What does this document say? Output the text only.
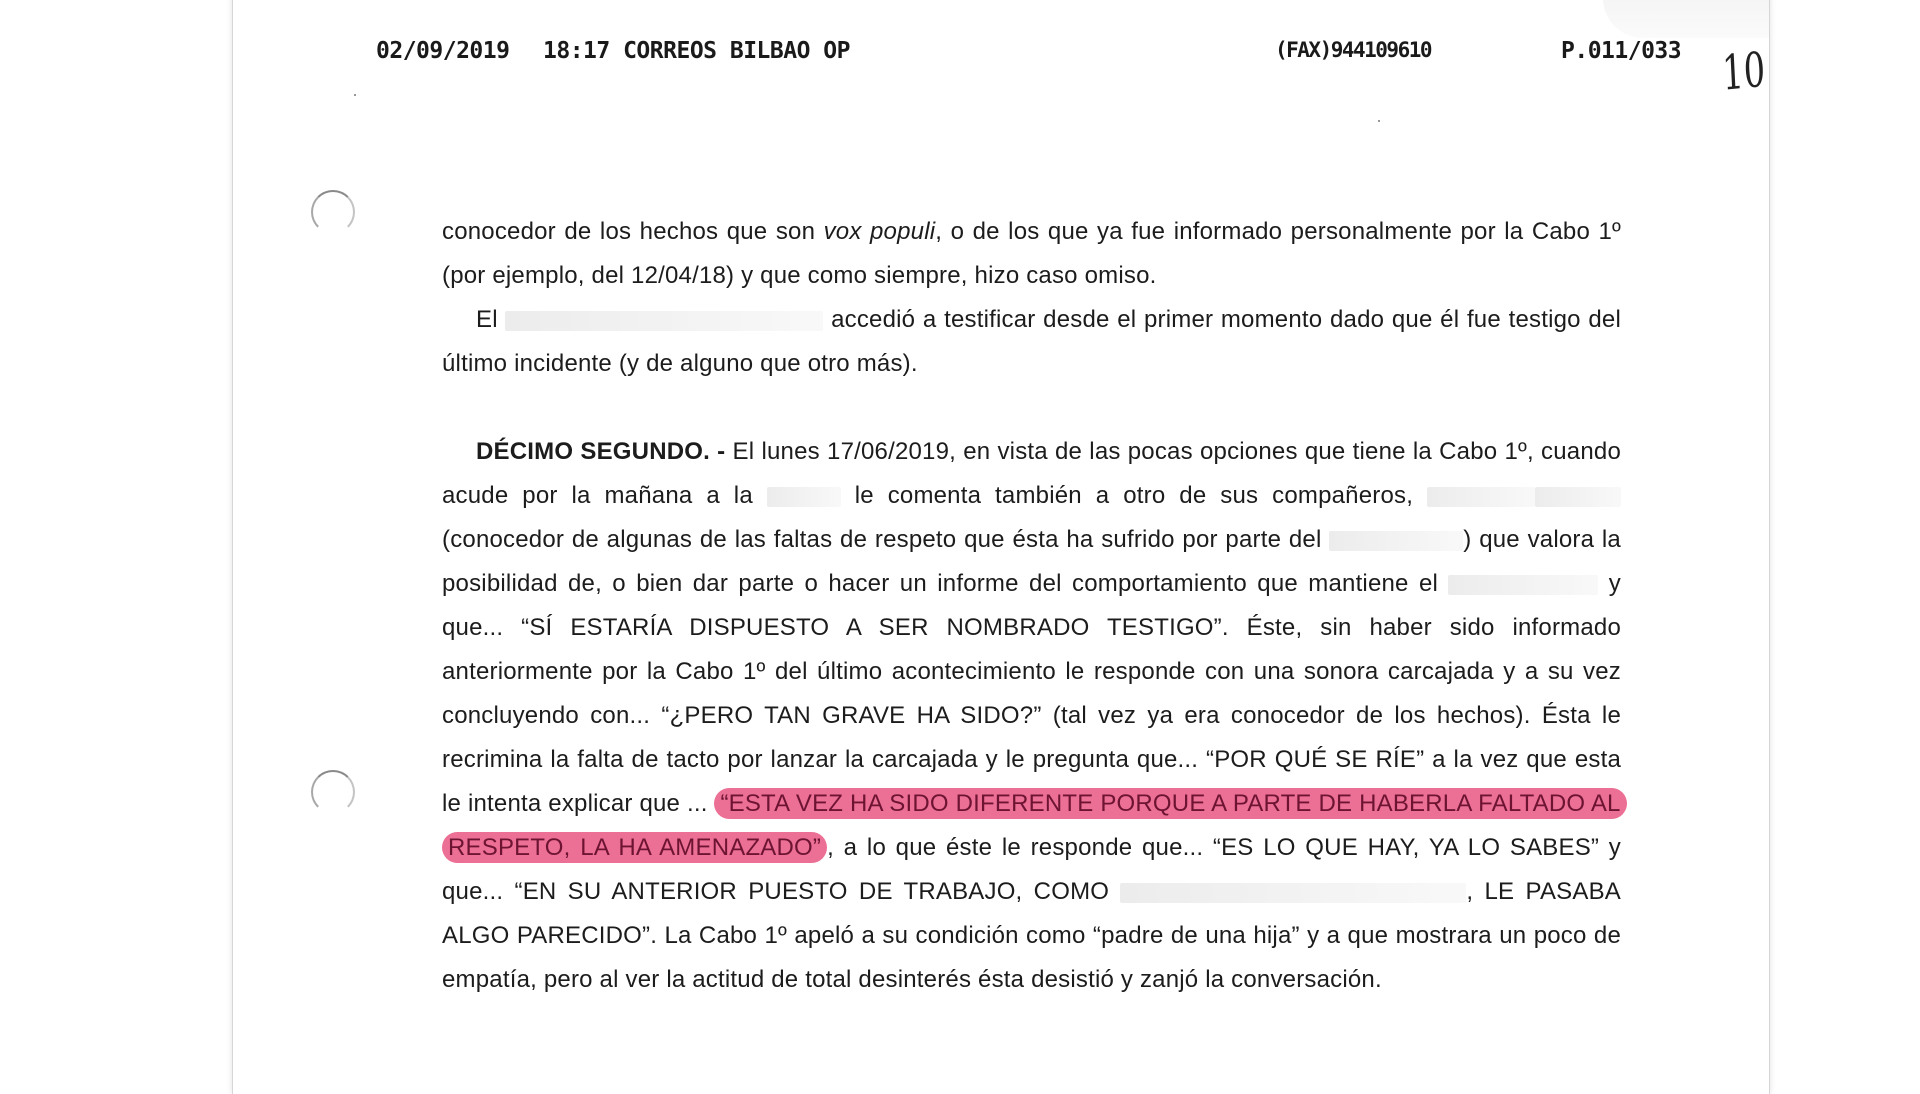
02/09/2019 18:17 CORREOS BILBAO OP	(FAX)944109610	P.011/033 10

conocedor de los hechos que son vox populi, o de los que ya fue informado personalmente por la Cabo 1º (por ejemplo, del 12/04/18) y que como siempre, hizo caso omiso.

El	accedió a testificar desde el primer momento dado que él fue testigo del último incidente (y de alguno que otro más).

DÉCIMO SEGUNDO. - El lunes 17/06/2019, en vista de las pocas opciones que tiene la Cabo 1º, cuando acude por la mañana a la	le comenta también a otro de sus compañeros,  (conocedor de algunas de las faltas de respeto que ésta ha sufrido por parte del	) que valora la posibilidad de, o bien dar parte o hacer un informe del comportamiento que mantiene el	y que... “SÍ ESTARÍA DISPUESTO A SER NOMBRADO TESTIGO”. Éste, sin haber sido informado anteriormente por la Cabo 1º del último acontecimiento le responde con una sonora carcajada y a su vez concluyendo con... “¿PERO TAN GRAVE HA SIDO?” (tal vez ya era conocedor de los hechos). Ésta le recrimina la falta de tacto por lanzar la carcajada y le pregunta que... “POR QUÉ SE RÍE” a la vez que esta le intenta explicar que ... “ESTA VEZ HA SIDO DIFERENTE PORQUE A PARTE DE HABERLA FALTADO AL RESPETO, LA HA AMENAZADO” , a lo que éste le responde que... “ES LO QUE HAY, YA LO SABES” y que... “EN SU ANTERIOR PUESTO DE TRABAJO, COMO	, LE PASABA ALGO PARECIDO”. La Cabo 1º apeló a su condición como “padre de una hija” y a que mostrara un poco de empatía, pero al ver la actitud de total desinterés ésta desistió y zanjó la conversación.
